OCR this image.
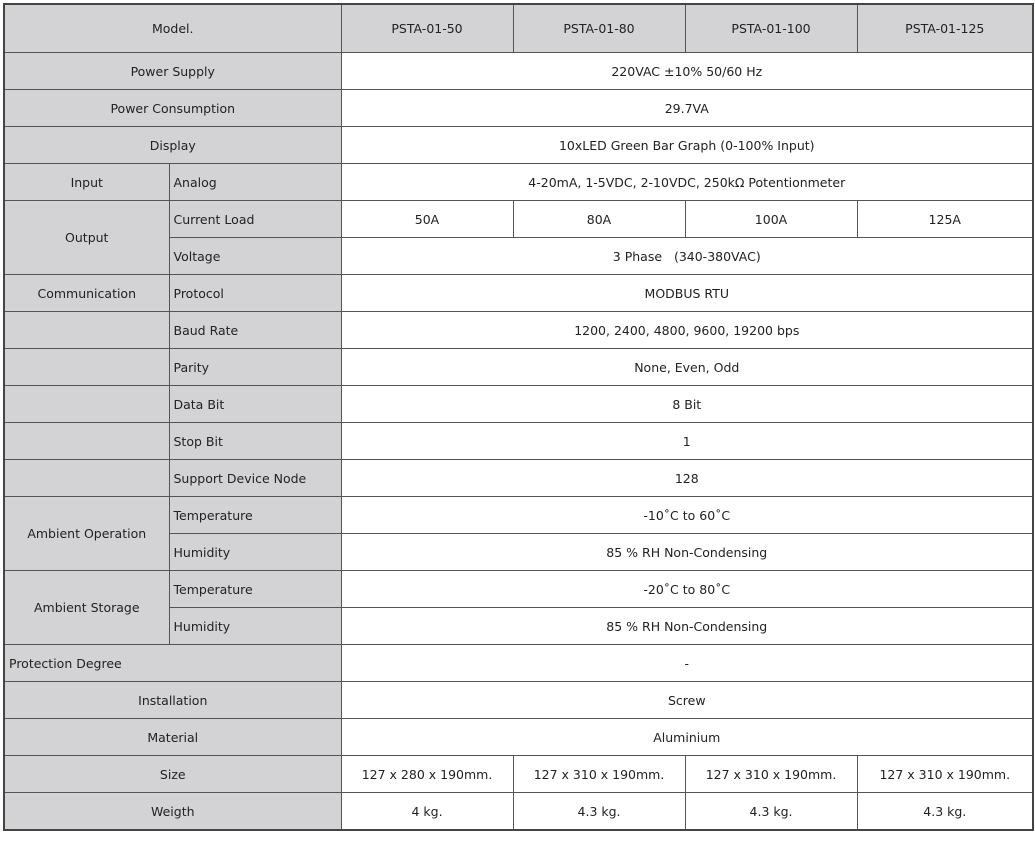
Model.		PSTA-01-50	PSTA-01-80	PSTA-01-100	PSTA-01-125
Power Supply		220VAC ±10% 50/60 Hz			
Power Consumption		29.7VA			
Display		10xLED Green Bar Graph (0-100% Input)			
Input	Analog	4-20mA, 1-5VDC, 2-10VDC, 250kΩ Potentionmeter			
Output	Current Load	50A	80A	100A	125A
	Voltage	3 Phase   (340-380VAC)			
Communication	Protocol	MODBUS RTU			
	Baud Rate	1200, 2400, 4800, 9600, 19200 bps			
	Parity	None, Even, Odd			
	Data Bit	8 Bit			
	Stop Bit	1			
	Support Device Node	128			
Ambient Operation	Temperature	-10˚C to 60˚C			
	Humidity	85 % RH Non-Condensing			
Ambient Storage	Temperature	-20˚C to 80˚C			
	Humidity	85 % RH Non-Condensing			
Protection Degree		-			
Installation		Screw			
Material		Aluminium			
Size		127 x 280 x 190mm.	127 x 310 x 190mm.	127 x 310 x 190mm.	127 x 310 x 190mm.
Weigth		4 kg.	4.3 kg.	4.3 kg.	4.3 kg.
